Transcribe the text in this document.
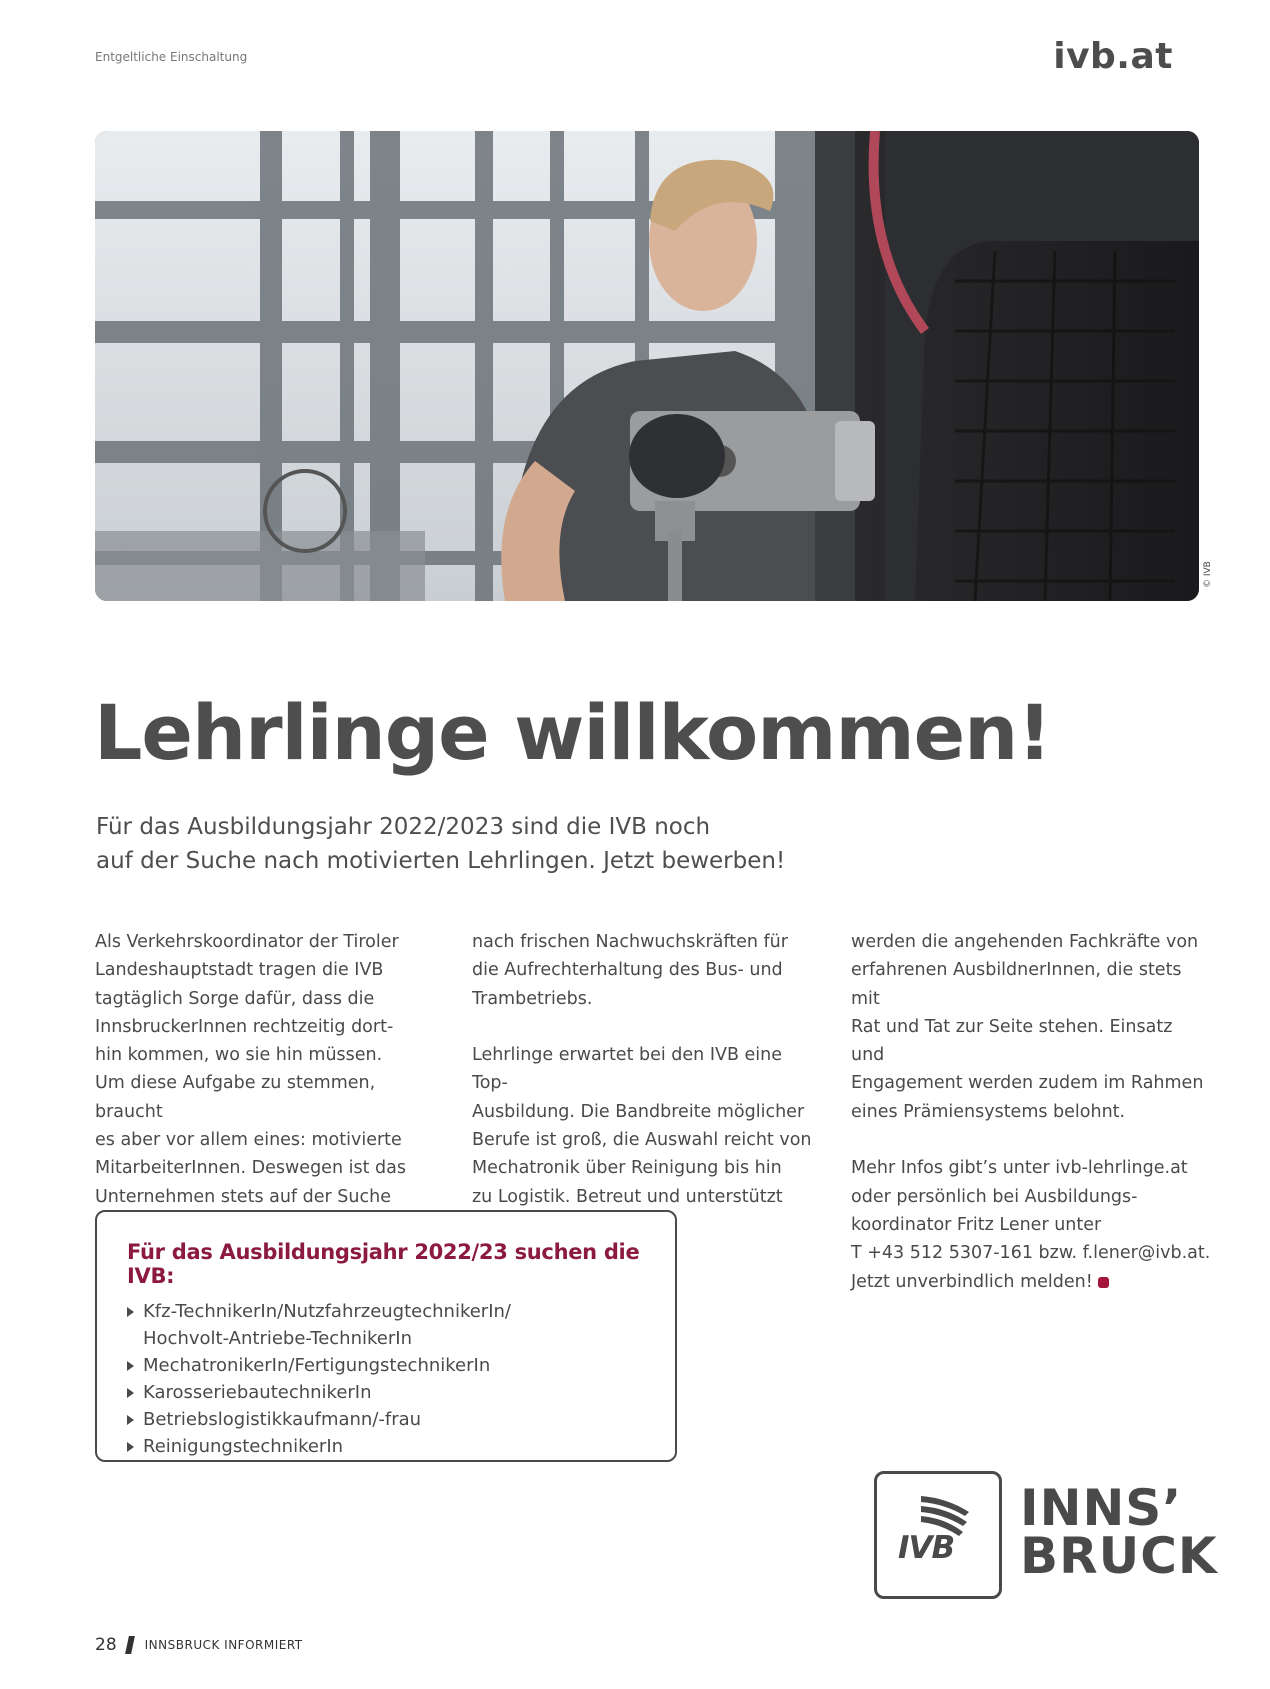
Entgeltliche Einschaltung	ivb.at
© IVB
Lehrlinge willkommen!
Für das Ausbildungsjahr 2022/2023 sind die IVB noch
auf der Suche nach motivierten Lehrlingen. Jetzt bewerben!

Als Verkehrskoordinator der Tiroler

Landeshauptstadt tragen die IVB

tagtäglich Sorge dafür, dass die

InnsbruckerInnen rechtzeitig dort-

hin kommen, wo sie hin müssen.

Um diese Aufgabe zu stemmen, braucht

es aber vor allem eines: motivierte

MitarbeiterInnen. Deswegen ist das

Unternehmen stets auf der Suche

nach frischen Nachwuchskräften für

die Aufrechterhaltung des Bus- und

Trambetriebs.

Lehrlinge erwartet bei den IVB eine Top-

Ausbildung. Die Bandbreite möglicher

Berufe ist groß, die Auswahl reicht von

Mechatronik über Reinigung bis hin

zu Logistik. Betreut und unterstützt

werden die angehenden Fachkräfte von

erfahrenen AusbildnerInnen, die stets mit

Rat und Tat zur Seite stehen. Einsatz und

Engagement werden zudem im Rahmen

eines Prämiensystems belohnt.

Mehr Infos gibt’s unter ivb-lehrlinge.at

oder persönlich bei Ausbildungs-

koordinator Fritz Lener unter

T +43 512 5307-161 bzw. f.lener@ivb.at.

Jetzt unverbindlich melden!

Für das Ausbildungsjahr 2022/23 suchen die IVB:
Kfz-TechnikerIn/NutzfahrzeugtechnikerIn/
Hochvolt-Antriebe-TechnikerIn
MechatronikerIn/FertigungstechnikerIn
KarosseriebautechnikerIn
Betriebslogistikkaufmann/-frau
ReinigungstechnikerIn
IVB
INNS’
BRUCK
28 INNSBRUCK INFORMIERT
